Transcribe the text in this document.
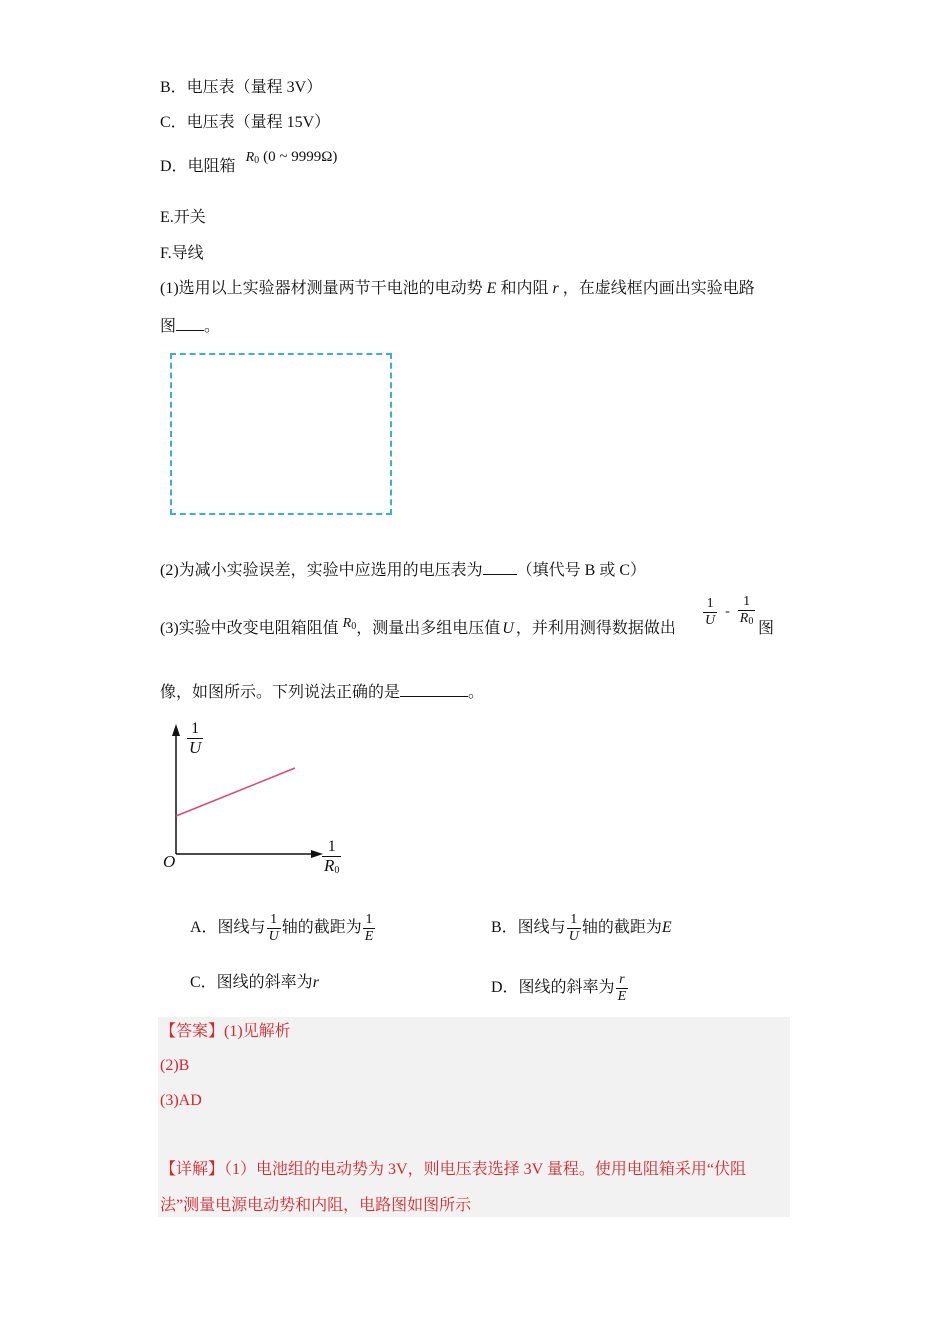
B．电压表（量程 3V）
C．电压表（量程 15V）
D．电阻箱 $R_0$ (0 ~ 9999Ω)
E.开关
F.导线
(1)选用以上实验器材测量两节干电池的电动势 E 和内阻 r ，在虚线框内画出实验电路
图 。
(2)为减小实验误差，实验中应选用的电压表为 （填代号 B 或 C）
(3)实验中改变电阻箱阻值 $R_0$，测量出多组电压值 U ，并利用测得数据做出 $\frac{1}{U} - \frac{1}{R_0}$ 图
像，如图所示。下列说法正确的是	。
$\frac{1}{U}$
$\frac{1}{R_0}$
O
A．图线与 $\frac{1}{U}$ 轴的截距为 $\frac{1}{E}$	B．图线与 $\frac{1}{U}$ 轴的截距为E
C．图线的斜率为r	D．图线的斜率为 $\frac{r}{E}$
【答案】(1)见解析
(2)B
(3)AD
【详解】（1）电池组的电动势为 3V，则电压表选择 3V 量程。使用电阻箱采用“伏阻
法”测量电源电动势和内阻，电路图如图所示
